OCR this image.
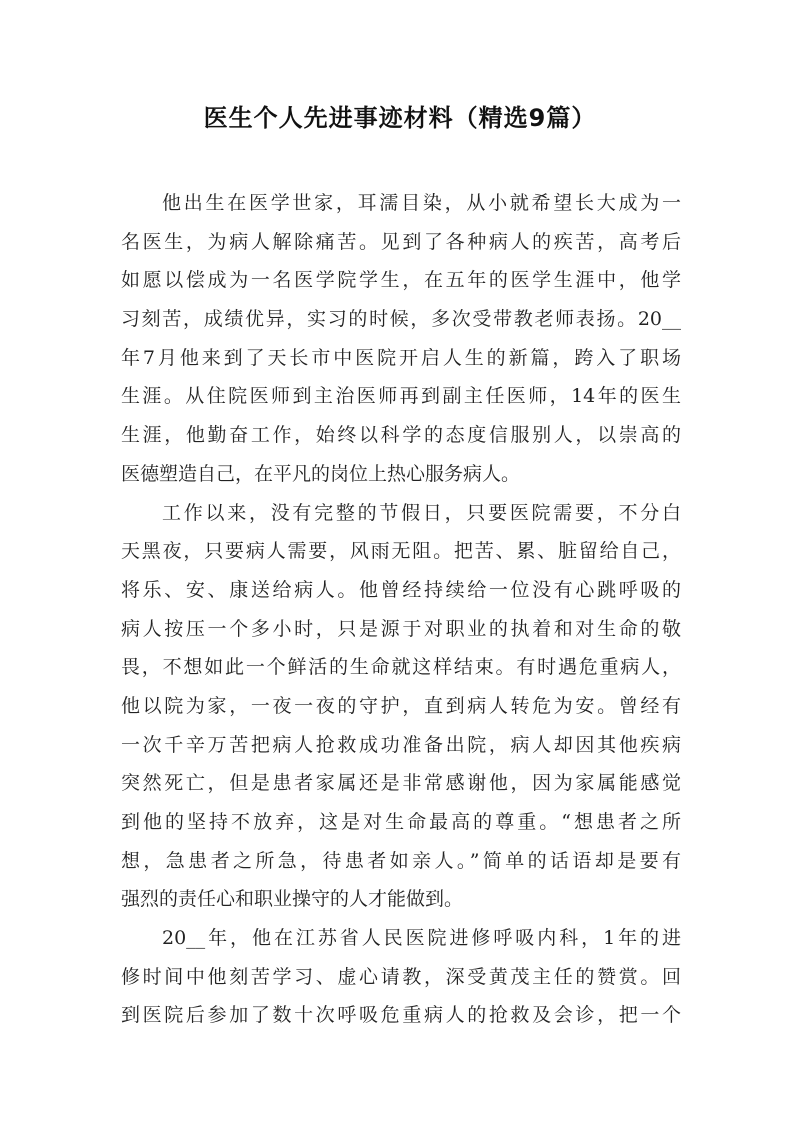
医生个人先进事迹材料（精选9篇）
他出生在医学世家，耳濡目染，从小就希望长大成为一
名医生，为病人解除痛苦。见到了各种病人的疾苦，高考后
如愿以偿成为一名医学院学生，在五年的医学生涯中，他学
习刻苦，成绩优异，实习的时候，多次受带教老师表扬。20__
年7月他来到了天长市中医院开启人生的新篇，跨入了职场
生涯。从住院医师到主治医师再到副主任医师，14年的医生
生涯，他勤奋工作，始终以科学的态度信服别人，以崇高的
医德塑造自己，在平凡的岗位上热心服务病人。
工作以来，没有完整的节假日，只要医院需要，不分白
天黑夜，只要病人需要，风雨无阻。把苦、累、脏留给自己，
将乐、安、康送给病人。他曾经持续给一位没有心跳呼吸的
病人按压一个多小时，只是源于对职业的执着和对生命的敬
畏，不想如此一个鲜活的生命就这样结束。有时遇危重病人，
他以院为家，一夜一夜的守护，直到病人转危为安。曾经有
一次千辛万苦把病人抢救成功准备出院，病人却因其他疾病
突然死亡，但是患者家属还是非常感谢他，因为家属能感觉
到他的坚持不放弃，这是对生命最高的尊重。“想患者之所
想，急患者之所急，待患者如亲人。”简单的话语却是要有
强烈的责任心和职业操守的人才能做到。
20__年，他在江苏省人民医院进修呼吸内科，1年的进
修时间中他刻苦学习、虚心请教，深受黄茂主任的赞赏。回
到医院后参加了数十次呼吸危重病人的抢救及会诊，把一个
